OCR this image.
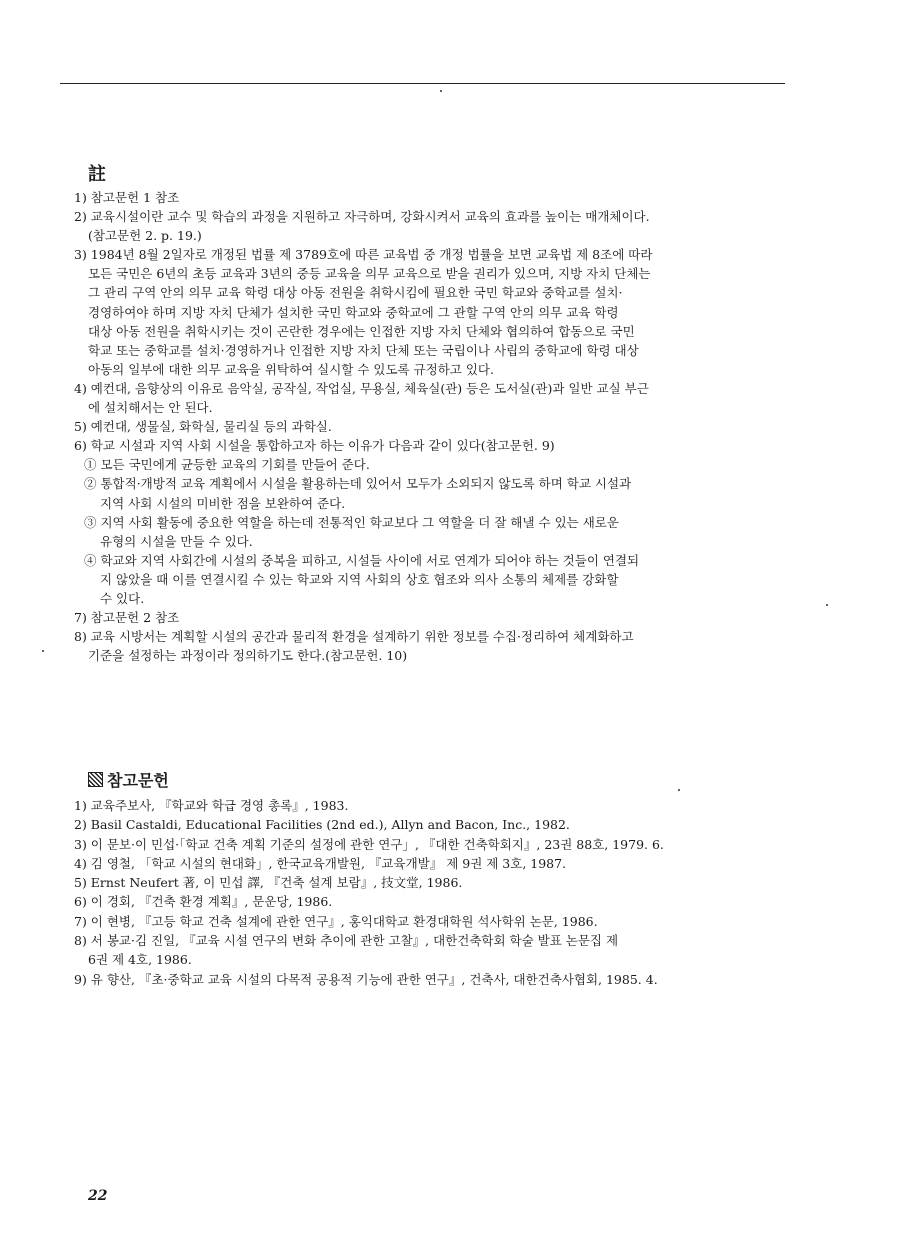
註
1) 참고문헌 1 참조
2) 교육시설이란 교수 및 학습의 과정을 지원하고 자극하며, 강화시켜서 교육의 효과를 높이는 매개체이다.
(참고문헌 2. p. 19.)
3) 1984년 8월 2일자로 개정된 법률 제 3789호에 따른 교육법 중 개정 법률을 보면 교육법 제 8조에 따라
모든 국민은 6년의 초등 교육과 3년의 중등 교육을 의무 교육으로 받을 권리가 있으며, 지방 자치 단체는
그 관리 구역 안의 의무 교육 학령 대상 아동 전원을 취학시킴에 필요한 국민 학교와 중학교를 설치·
경영하여야 하며 지방 자치 단체가 설치한 국민 학교와 중학교에 그 관할 구역 안의 의무 교육 학령
대상 아동 전원을 취학시키는 것이 곤란한 경우에는 인접한 지방 자치 단체와 협의하여 합동으로 국민
학교 또는 중학교를 설치·경영하거나 인접한 지방 자치 단체 또는 국립이나 사립의 중학교에 학령 대상
아동의 일부에 대한 의무 교육을 위탁하여 실시할 수 있도록 규정하고 있다.
4) 예컨대, 음향상의 이유로 음악실, 공작실, 작업실, 무용실, 체육실(관) 등은 도서실(관)과 일반 교실 부근
에 설치해서는 안 된다.
5) 예컨대, 생물실, 화학실, 물리실 등의 과학실.
6) 학교 시설과 지역 사회 시설을 통합하고자 하는 이유가 다음과 같이 있다(참고문헌. 9)
① 모든 국민에게 균등한 교육의 기회를 만들어 준다.
② 통합적·개방적 교육 계획에서 시설을 활용하는데 있어서 모두가 소외되지 않도록 하며 학교 시설과
지역 사회 시설의 미비한 점을 보완하여 준다.
③ 지역 사회 활동에 중요한 역할을 하는데 전통적인 학교보다 그 역할을 더 잘 해낼 수 있는 새로운
유형의 시설을 만들 수 있다.
④ 학교와 지역 사회간에 시설의 중복을 피하고, 시설들 사이에 서로 연계가 되어야 하는 것들이 연결되
지 않았을 때 이를 연결시킬 수 있는 학교와 지역 사회의 상호 협조와 의사 소통의 체제를 강화할
수 있다.
7) 참고문헌 2 참조
8) 교육 시방서는 계획할 시설의 공간과 물리적 환경을 설계하기 위한 정보를 수집·정리하여 체계화하고
기준을 설정하는 과정이라 정의하기도 한다.(참고문헌. 10)
참고문헌
1) 교육주보사, 『학교와 학급 경영 총록』, 1983.
2) Basil Castaldi, Educational Facilities (2nd ed.), Allyn and Bacon, Inc., 1982.
3) 이 문보·이 민섭·「학교 건축 계획 기준의 설정에 관한 연구」, 『대한 건축학회지』, 23권 88호, 1979. 6.
4) 김 영철, 「학교 시설의 현대화」, 한국교육개발원, 『교육개발』 제 9권 제 3호, 1987.
5) Ernst Neufert 著, 이 민섭 譯, 『건축 설계 보람』, 技文堂, 1986.
6) 이 경회, 『건축 환경 계획』, 문운당, 1986.
7) 이 현병, 『고등 학교 건축 설계에 관한 연구』, 홍익대학교 환경대학원 석사학위 논문, 1986.
8) 서 봉교·김 진일, 『교육 시설 연구의 변화 추이에 관한 고찰』, 대한건축학회 학술 발표 논문집 제
6권 제 4호, 1986.
9) 유 향산, 『초·중학교 교육 시설의 다목적 공용적 기능에 관한 연구』, 건축사, 대한건축사협회, 1985. 4.
22
